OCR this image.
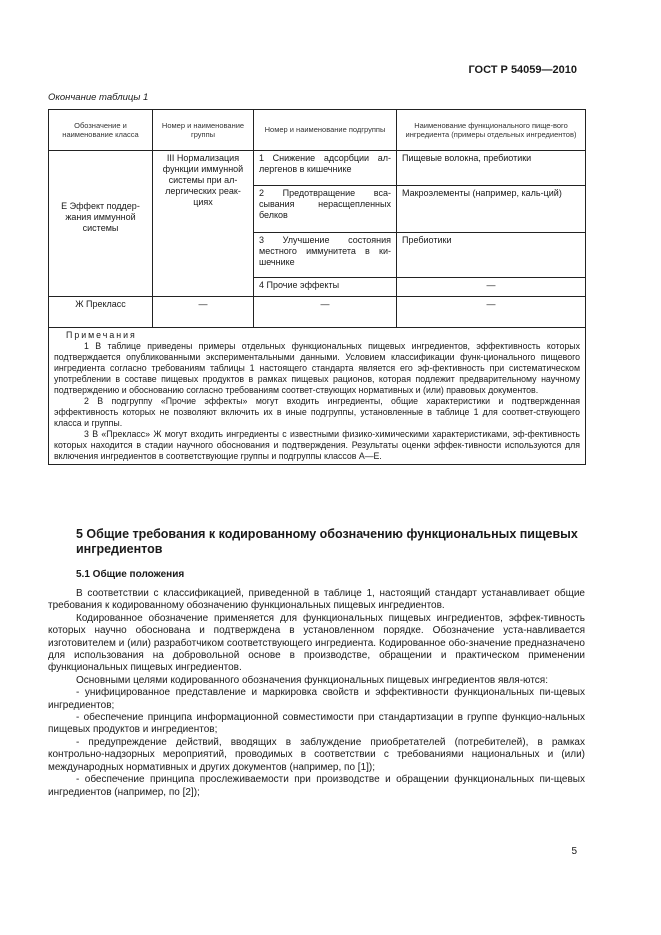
ГОСТ Р 54059—2010
Окончание таблицы 1
Обозначение и наименование класса	Номер и наименование группы	Номер и наименование подгруппы	Наименование функционального пище-вого ингредиента (примеры отдельных ингредиентов)
Е Эффект поддер-жания иммунной системы	III Нормализация функции иммунной системы при ал-лергических реак-циях	1 Снижение адсорбции ал-лергенов в кишечнике	Пищевые волокна, пребиотики
		2 Предотвращение вса-сывания нерасщепленных белков	Макроэлементы (например, каль-ций)
		3 Улучшение состояния местного иммунитета в ки-шечнике	Пребиотики
		4 Прочие эффекты	—
Ж Прекласс	—	—	—

Примечания

1 В таблице приведены примеры отдельных функциональных пищевых ингредиентов, эффективность которых подтверждается опубликованными экспериментальными данными. Условием классификации функ-ционального пищевого ингредиента согласно требованиям таблицы 1 настоящего стандарта является его эф-фективность при систематическом употреблении в составе пищевых продуктов в рамках пищевых рационов, которая подлежит предварительному научному подтверждению и обоснованию согласно требованиям соответ-ствующих нормативных и (или) правовых документов.

2 В подгруппу «Прочие эффекты» могут входить ингредиенты, общие характеристики и подтвержденная эффективность которых не позволяют включить их в иные подгруппы, установленные в таблице 1 для соответ-ствующего класса и группы.

3 В «Прекласс» Ж могут входить ингредиенты с известными физико-химическими характеристиками, эф-фективность которых находится в стадии научного обоснования и подтверждения. Результаты оценки эффек-тивности используются для включения ингредиентов в соответствующие группы и подгруппы классов А—Е.			

5 Общие требования к кодированному обозначению функциональных пищевых ингредиентов
5.1 Общие положения

В соответствии с классификацией, приведенной в таблице 1, настоящий стандарт устанавливает общие требования к кодированному обозначению функциональных пищевых ингредиентов.

Кодированное обозначение применяется для функциональных пищевых ингредиентов, эффек-тивность которых научно обоснована и подтверждена в установленном порядке. Обозначение уста-навливается изготовителем и (или) разработчиком соответствующего ингредиента. Кодированное обо-значение предназначено для использования на добровольной основе в производстве, обращении и практическом применении функциональных пищевых ингредиентов.

Основными целями кодированного обозначения функциональных пищевых ингредиентов явля-ются:

- унифицированное представление и маркировка свойств и эффективности функциональных пи-щевых ингредиентов;

- обеспечение принципа информационной совместимости при стандартизации в группе функцио-нальных пищевых продуктов и ингредиентов;

- предупреждение действий, вводящих в заблуждение приобретателей (потребителей), в рамках контрольно-надзорных мероприятий, проводимых в соответствии с требованиями национальных и (или) международных нормативных и других документов (например, по [1]);

- обеспечение принципа прослеживаемости при производстве и обращении функциональных пи-щевых ингредиентов (например, по [2]);

5
